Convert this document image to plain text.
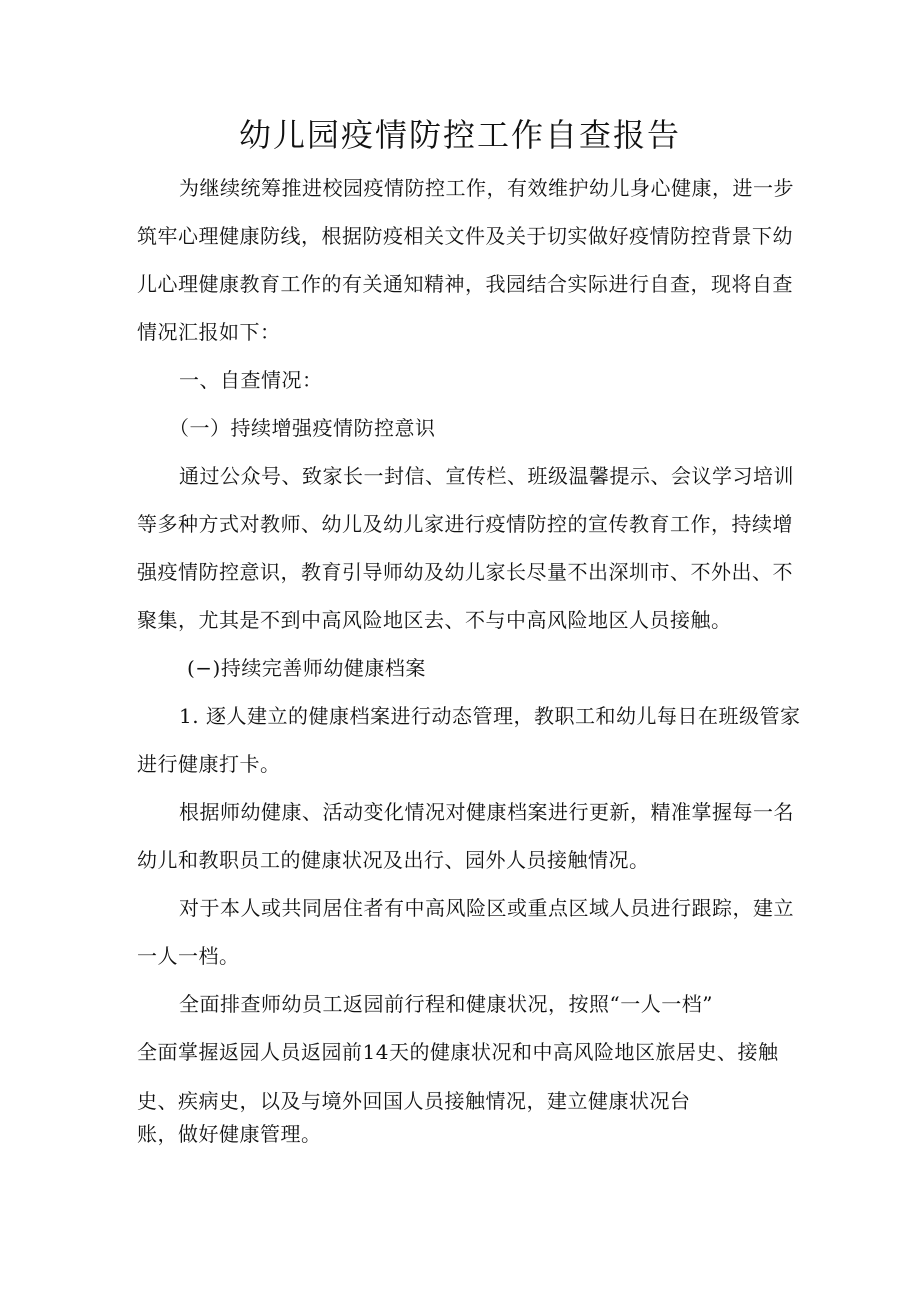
幼儿园疫情防控工作自查报告
为继续统筹推进校园疫情防控工作，有效维护幼儿身心健康，进一步
筑牢心理健康防线，根据防疫相关文件及关于切实做好疫情防控背景下幼
儿心理健康教育工作的有关通知精神，我园结合实际进行自查，现将自查
情况汇报如下：
一、自查情况：
（一）持续增强疫情防控意识
通过公众号、致家长一封信、宣传栏、班级温馨提示、会议学习培训
等多种方式对教师、幼儿及幼儿家进行疫情防控的宣传教育工作，持续增
强疫情防控意识，教育引导师幼及幼儿家长尽量不出深圳市、不外出、不
聚集，尤其是不到中高风险地区去、不与中高风险地区人员接触。
(−)持续完善师幼健康档案
1. 逐人建立的健康档案进行动态管理，教职工和幼儿每日在班级管家
进行健康打卡。
根据师幼健康、活动变化情况对健康档案进行更新，精准掌握每一名
幼儿和教职员工的健康状况及出行、园外人员接触情况。
对于本人或共同居住者有中高风险区或重点区域人员进行跟踪，建立
一人一档。
全面排查师幼员工返园前行程和健康状况，按照“一人一档”
全面掌握返园人员返园前14天的健康状况和中高风险地区旅居史、接触
史、疾病史，以及与境外回国人员接触情况，建立健康状况台
账，做好健康管理。
